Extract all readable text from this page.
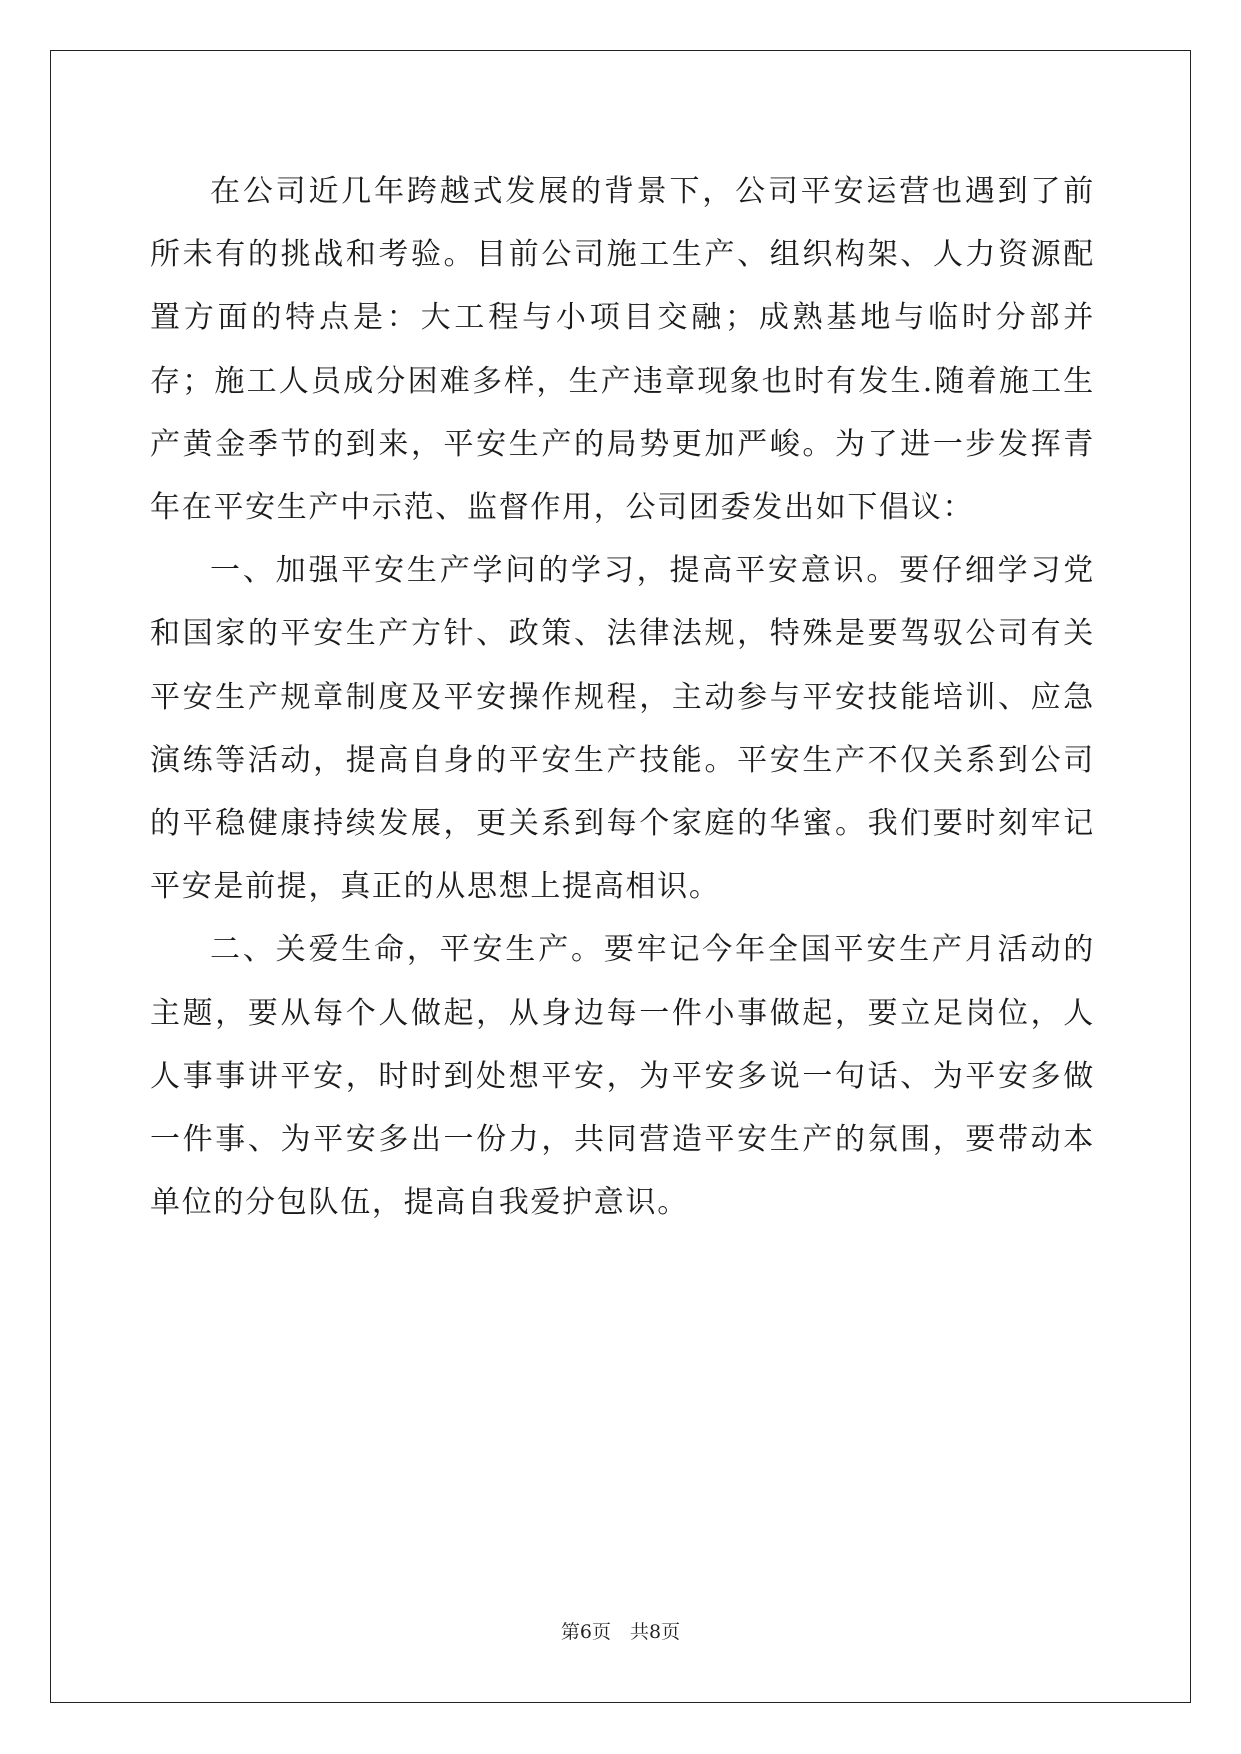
在公司近几年跨越式发展的背景下，公司平安运营也遇到了前所未有的挑战和考验。目前公司施工生产、组织构架、人力资源配置方面的特点是：大工程与小项目交融；成熟基地与临时分部并存；施工人员成分困难多样，生产违章现象也时有发生.随着施工生产黄金季节的到来，平安生产的局势更加严峻。为了进一步发挥青年在平安生产中示范、监督作用，公司团委发出如下倡议：

一、加强平安生产学问的学习，提高平安意识。要仔细学习党和国家的平安生产方针、政策、法律法规，特殊是要驾驭公司有关平安生产规章制度及平安操作规程，主动参与平安技能培训、应急演练等活动，提高自身的平安生产技能。平安生产不仅关系到公司的平稳健康持续发展，更关系到每个家庭的华蜜。我们要时刻牢记平安是前提，真正的从思想上提高相识。

二、关爱生命，平安生产。要牢记今年全国平安生产月活动的主题，要从每个人做起，从身边每一件小事做起，要立足岗位，人人事事讲平安，时时到处想平安，为平安多说一句话、为平安多做一件事、为平安多出一份力，共同营造平安生产的氛围，要带动本单位的分包队伍，提高自我爱护意识。

第6页　共8页
